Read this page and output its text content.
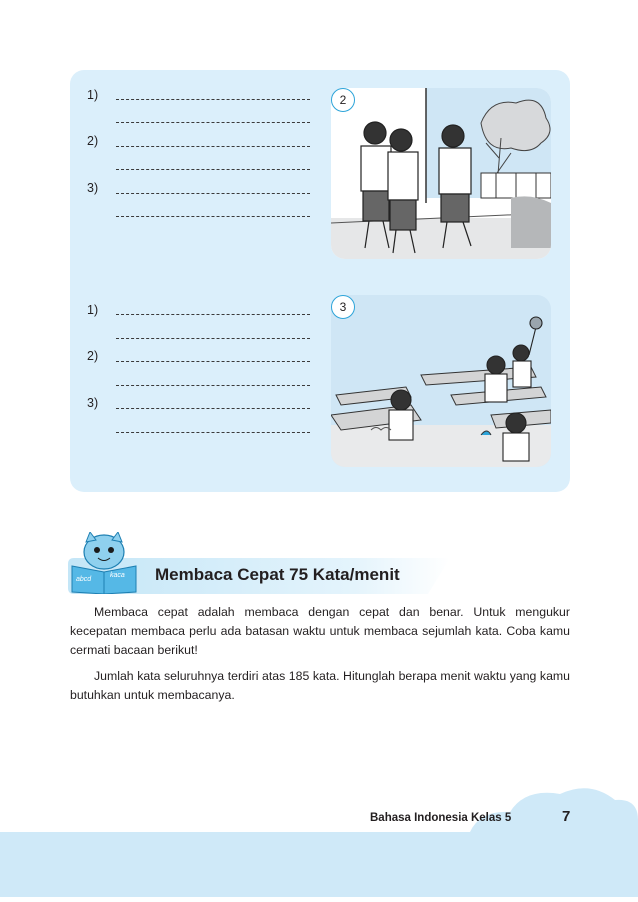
1)
2)
3)
1)
2)
3)
2
3
abcd
kaca Membaca Cepat 75 Kata/menit
Membaca cepat adalah membaca dengan cepat dan benar. Untuk mengukur kecepatan membaca perlu ada batasan waktu untuk membaca sejumlah kata. Coba kamu cermati bacaan berikut!
Jumlah kata seluruhnya terdiri atas 185 kata. Hitunglah berapa menit waktu yang kamu butuhkan untuk membacanya.
Bahasa Indonesia Kelas 5	7
